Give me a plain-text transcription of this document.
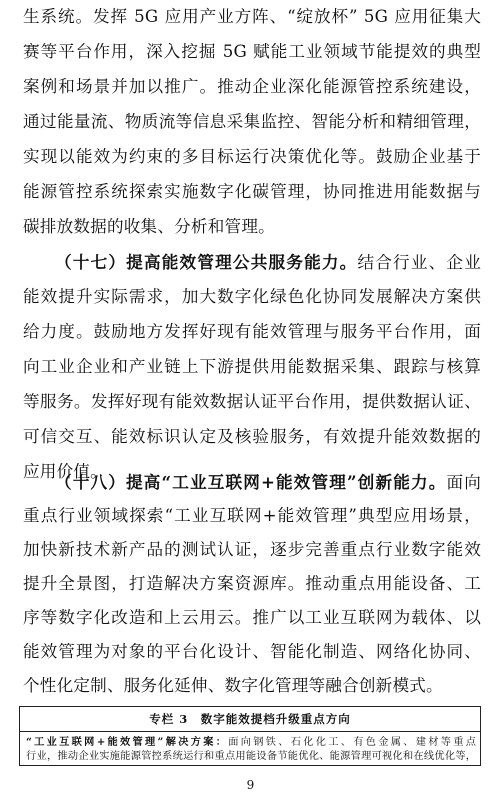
生系统。发挥 5G 应用产业方阵、“绽放杯” 5G 应用征集大
赛等平台作用，深入挖掘 5G 赋能工业领域节能提效的典型
案例和场景并加以推广。推动企业深化能源管控系统建设，
通过能量流、物质流等信息采集监控、智能分析和精细管理，
实现以能效为约束的多目标运行决策优化等。鼓励企业基于
能源管控系统探索实施数字化碳管理，协同推进用能数据与
碳排放数据的收集、分析和管理。
（十七）提高能效管理公共服务能力。结合行业、企业
能效提升实际需求，加大数字化绿色化协同发展解决方案供
给力度。鼓励地方发挥好现有能效管理与服务平台作用，面
向工业企业和产业链上下游提供用能数据采集、跟踪与核算
等服务。发挥好现有能效数据认证平台作用，提供数据认证、
可信交互、能效标识认定及核验服务，有效提升能效数据的
应用价值。
（十八）提高“工业互联网+能效管理”创新能力。面向
重点行业领域探索“工业互联网+能效管理”典型应用场景，
加快新技术新产品的测试认证，逐步完善重点行业数字能效
提升全景图，打造解决方案资源库。推动重点用能设备、工
序等数字化改造和上云用云。推广以工业互联网为载体、以
能效管理为对象的平台化设计、智能化制造、网络化协同、
专栏 3　数字能效提档升级重点方向
“工业互联网+能效管理”解决方案：面向钢铁、石化化工、有色金属、建材等重点
行业，推动企业实施能源管控系统运行和重点用能设备节能优化、能源管理可视化和在线优化等，
9
个性化定制、服务化延伸、数字化管理等融合创新模式。
